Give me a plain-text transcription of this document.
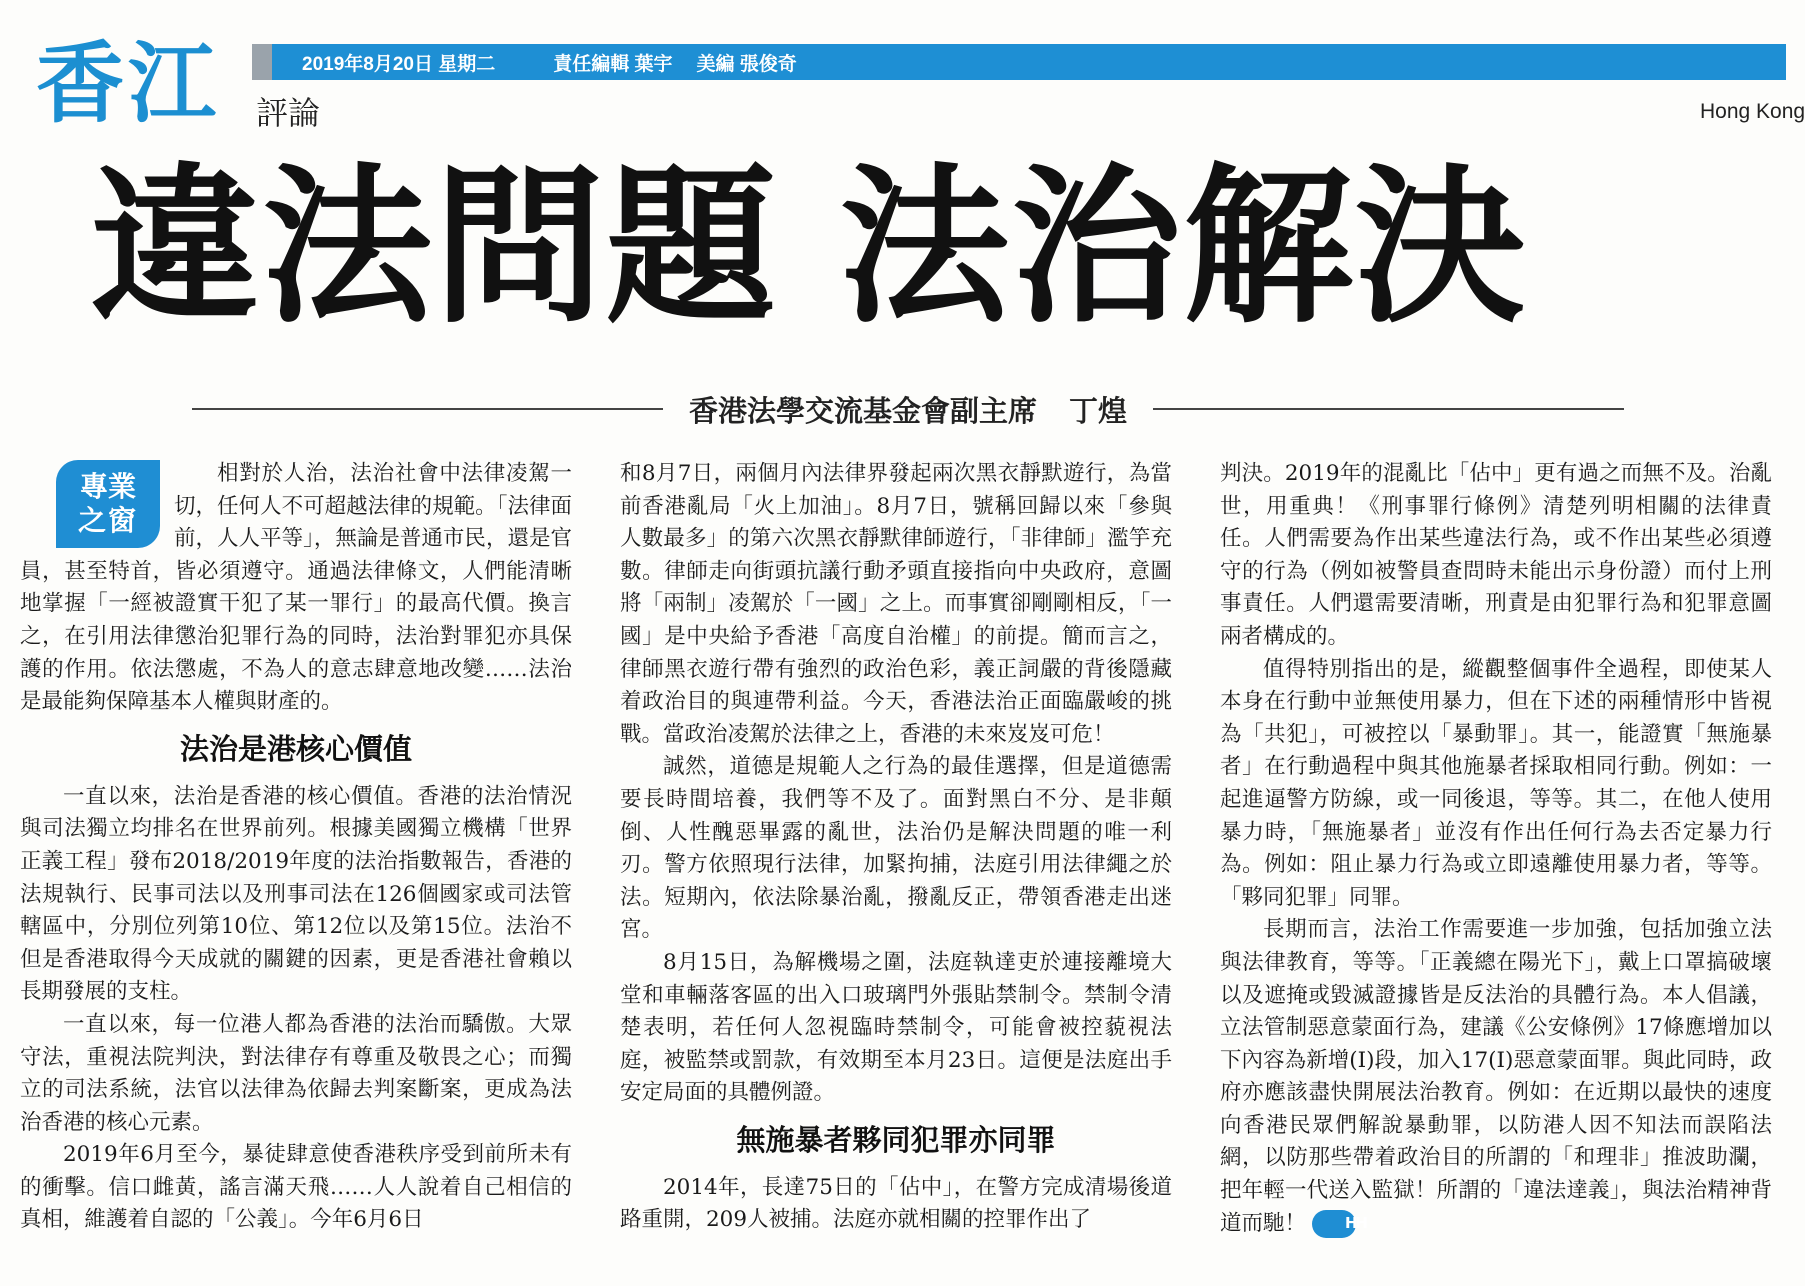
香江	2019年8月20日 星期二	責任編輯 葉宇 美編 張俊奇
評論	Hong Kong
違法問題 法治解決
香港法學交流基金會副主席 丁煌
專業
之窗

相對於人治，法治社會中法律凌駕一切，任何人不可超越法律的規範。「法律面前，人人平等」，無論是普通市民，還是官員，甚至特首，皆必須遵守。通過法律條文，人們能清晰地掌握「一經被證實干犯了某一罪行」的最高代價。換言之，在引用法律懲治犯罪行為的同時，法治對罪犯亦具保護的作用。依法懲處，不為人的意志肆意地改變……法治是最能夠保障基本人權與財產的。

法治是港核心價值

一直以來，法治是香港的核心價值。香港的法治情況與司法獨立均排名在世界前列。根據美國獨立機構「世界正義工程」發布2018/2019年度的法治指數報告，香港的法規執行、民事司法以及刑事司法在126個國家或司法管轄區中，分別位列第10位、第12位以及第15位。法治不但是香港取得今天成就的關鍵的因素，更是香港社會賴以長期發展的支柱。

一直以來，每一位港人都為香港的法治而驕傲。大眾守法，重視法院判決，對法律存有尊重及敬畏之心；而獨立的司法系統，法官以法律為依歸去判案斷案，更成為法治香港的核心元素。

2019年6月至今，暴徒肆意使香港秩序受到前所未有的衝擊。信口雌黃，謠言滿天飛……人人說着自己相信的真相，維護着自認的「公義」。今年6月6日

和8月7日，兩個月內法律界發起兩次黑衣靜默遊行，為當前香港亂局「火上加油」。8月7日，號稱回歸以來「參與人數最多」的第六次黑衣靜默律師遊行，「非律師」濫竽充數。律師走向街頭抗議行動矛頭直接指向中央政府，意圖將「兩制」凌駕於「一國」之上。而事實卻剛剛相反，「一國」是中央給予香港「高度自治權」的前提。簡而言之，律師黑衣遊行帶有強烈的政治色彩，義正詞嚴的背後隱藏着政治目的與連帶利益。今天，香港法治正面臨嚴峻的挑戰。當政治凌駕於法律之上，香港的未來岌岌可危！

誠然，道德是規範人之行為的最佳選擇，但是道德需要長時間培養，我們等不及了。面對黑白不分、是非顛倒、人性醜惡畢露的亂世，法治仍是解決問題的唯一利刃。警方依照現行法律，加緊拘捕，法庭引用法律繩之於法。短期內，依法除暴治亂，撥亂反正，帶領香港走出迷宮。

8月15日，為解機場之圍，法庭執達吏於連接離境大堂和車輛落客區的出入口玻璃門外張貼禁制令。禁制令清楚表明，若任何人忽視臨時禁制令，可能會被控藐視法庭，被監禁或罰款，有效期至本月23日。這便是法庭出手安定局面的具體例證。

無施暴者夥同犯罪亦同罪

2014年，長達75日的「佔中」，在警方完成清場後道路重開，209人被捕。法庭亦就相關的控罪作出了

判決。2019年的混亂比「佔中」更有過之而無不及。治亂世，用重典！《刑事罪行條例》清楚列明相關的法律責任。人們需要為作出某些違法行為，或不作出某些必須遵守的行為（例如被警員查問時未能出示身份證）而付上刑事責任。人們還需要清晰，刑責是由犯罪行為和犯罪意圖兩者構成的。

值得特別指出的是，縱觀整個事件全過程，即使某人本身在行動中並無使用暴力，但在下述的兩種情形中皆視為「共犯」，可被控以「暴動罪」。其一，能證實「無施暴者」在行動過程中與其他施暴者採取相同行動。例如：一起進逼警方防線，或一同後退，等等。其二，在他人使用暴力時，「無施暴者」並沒有作出任何行為去否定暴力行為。例如：阻止暴力行為或立即遠離使用暴力者，等等。「夥同犯罪」同罪。

長期而言，法治工作需要進一步加強，包括加強立法與法律教育，等等。「正義總在陽光下」，戴上口罩搞破壞以及遮掩或毀滅證據皆是反法治的具體行為。本人倡議，立法管制惡意蒙面行為，建議《公安條例》17條應增加以下內容為新增(I)段，加入17(I)惡意蒙面罪。與此同時，政府亦應該盡快開展法治教育。例如：在近期以最快的速度向香港民眾們解說暴動罪，以防港人因不知法而誤陷法網，以防那些帶着政治目的所謂的「和理非」推波助瀾，把年輕一代送入監獄！所謂的「違法達義」，與法治精神背道而馳！	HH
